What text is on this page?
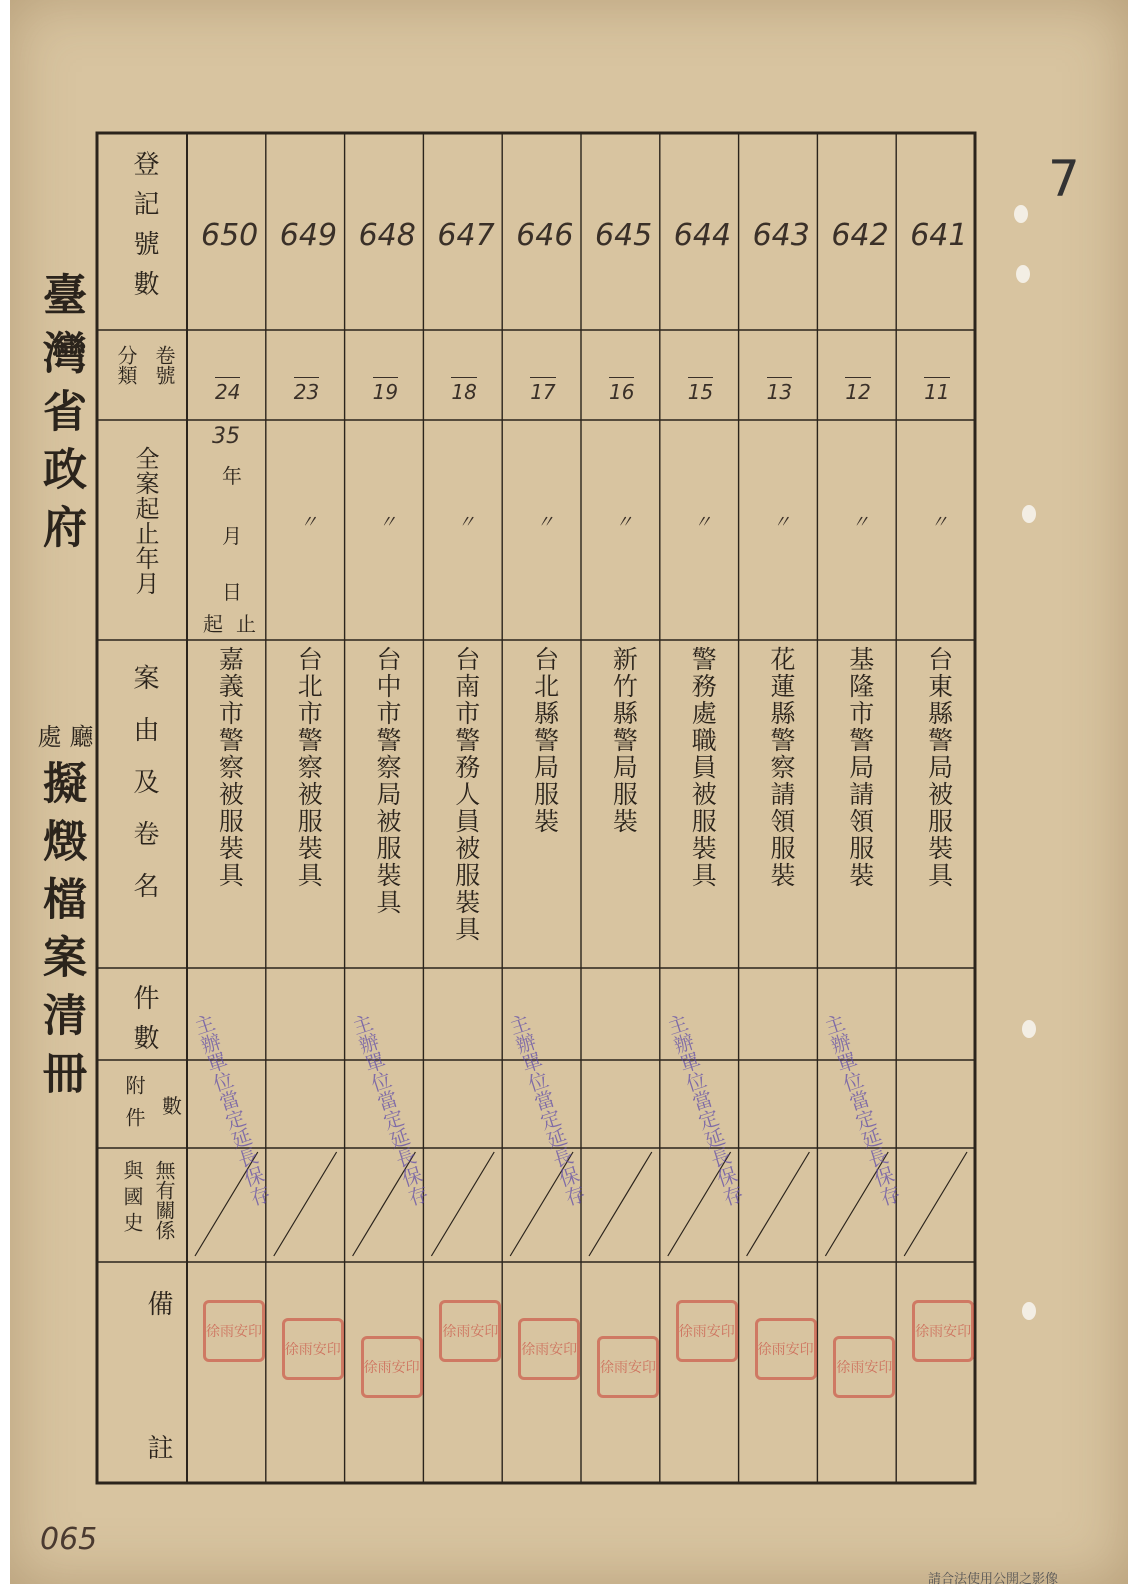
7
臺灣省政府
廳
處
擬燬檔案清冊
登記號數
分類 卷號
全案起止年月
案由及卷名
件數
附件 數
與國史 無有關係
備
註
35
年
月
日
起 止
650
24
嘉義市警察被服裝具
徐雨安印
主辦單位當定延長保存
649
23
〃
台北市警察被服裝具
徐雨安印
648
19
〃
台中市警察局被服裝具
徐雨安印
主辦單位當定延長保存
647
18
〃
台南市警務人員被服裝具
徐雨安印
646
17
〃
台北縣警局服裝
徐雨安印
主辦單位當定延長保存
645
16
〃
新竹縣警局服裝
徐雨安印
644
15
〃
警務處職員被服裝具
徐雨安印
主辦單位當定延長保存
643
13
〃
花蓮縣警察請領服裝
徐雨安印
642
12
〃
基隆市警局請領服裝
徐雨安印
主辦單位當定延長保存
641
11
〃
台東縣警局被服裝具
徐雨安印
065
請合法使用公開之影像
